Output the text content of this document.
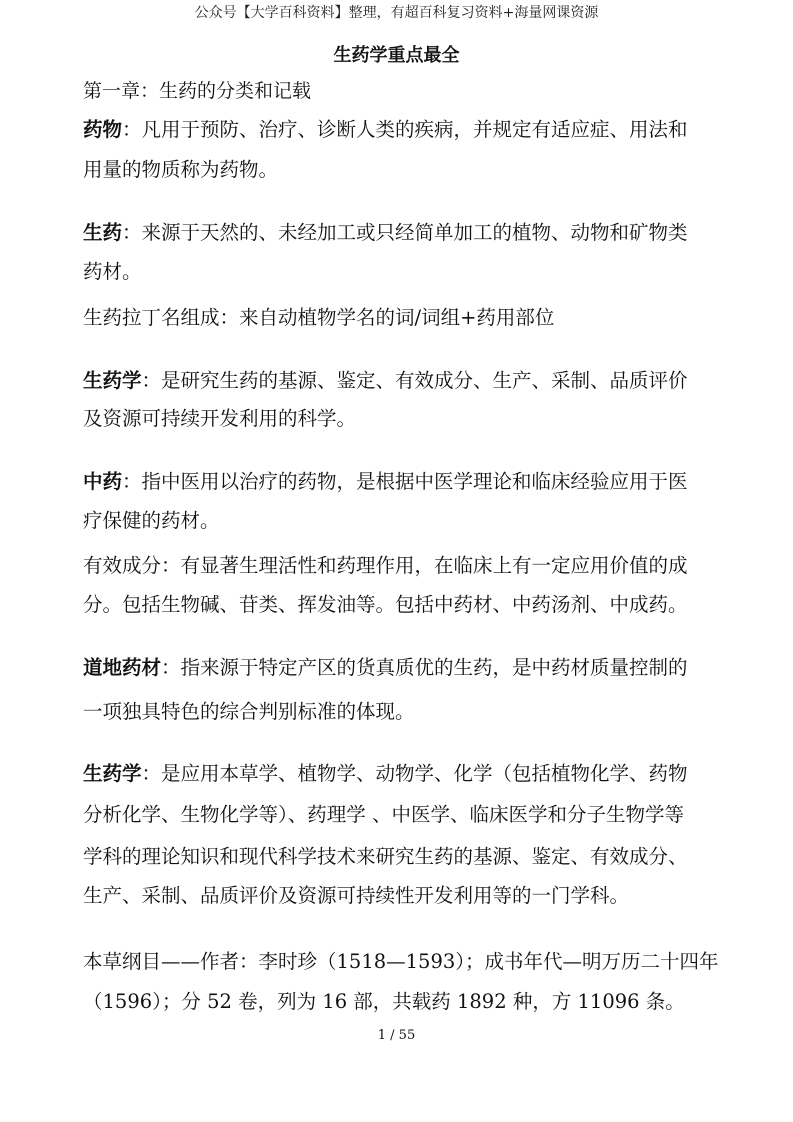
公众号【大学百科资料】整理，有超百科复习资料+海量网课资源
生药学重点最全
第一章：生药的分类和记载
药物：凡用于预防、治疗、诊断人类的疾病，并规定有适应症、用法和
用量的物质称为药物。
生药：来源于天然的、未经加工或只经简单加工的植物、动物和矿物类
药材。
生药拉丁名组成：来自动植物学名的词/词组+药用部位
生药学：是研究生药的基源、鉴定、有效成分、生产、采制、品质评价
及资源可持续开发利用的科学。
中药：指中医用以治疗的药物，是根据中医学理论和临床经验应用于医
疗保健的药材。
有效成分：有显著生理活性和药理作用，在临床上有一定应用价值的成
分。包括生物碱、苷类、挥发油等。包括中药材、中药汤剂、中成药。
道地药材：指来源于特定产区的货真质优的生药，是中药材质量控制的
一项独具特色的综合判别标准的体现。
生药学：是应用本草学、植物学、动物学、化学（包括植物化学、药物
分析化学、生物化学等）、药理学 、中医学、临床医学和分子生物学等
学科的理论知识和现代科学技术来研究生药的基源、鉴定、有效成分、
生产、采制、品质评价及资源可持续性开发利用等的一门学科。
本草纲目——作者：李时珍（1518—1593）；成书年代—明万历二十四年
（1596）；分 52 卷，列为 16 部，共载药 1892 种，方 11096 条。
1 / 55
